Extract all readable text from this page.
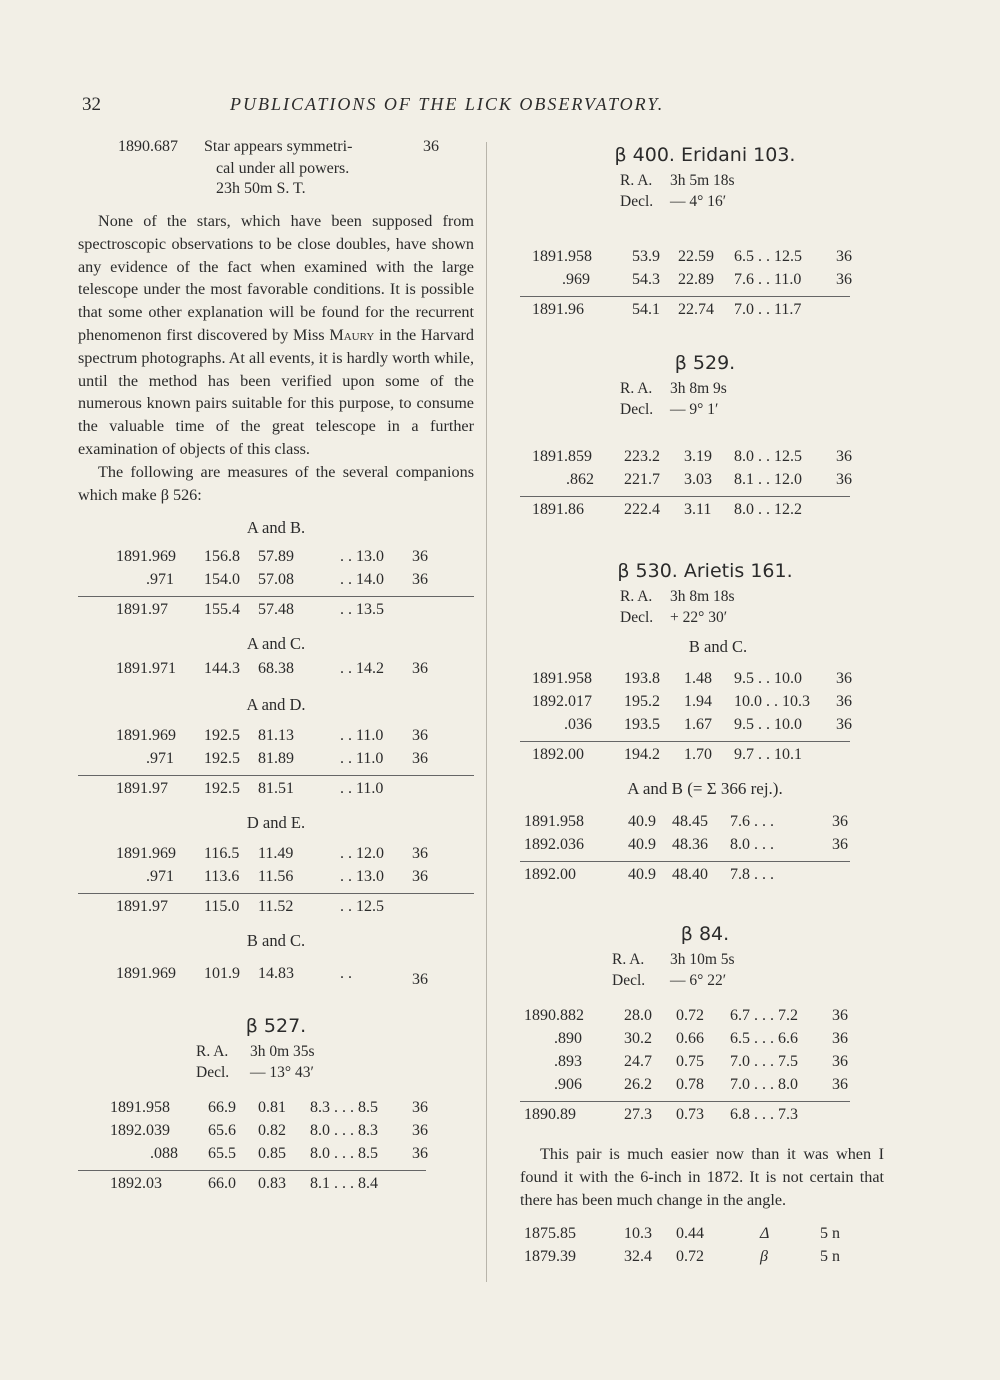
32	PUBLICATIONS OF THE LICK OBSERVATORY.
1890.687 Star appears symmetri-	36
cal under all powers.
23h 50m S. T.

None of the stars, which have been supposed from spectroscopic observations to be close doubles, have shown any evidence of the fact when examined with the large telescope under the most favorable conditions. It is possible that some other explanation will be found for the recurrent phenomenon first discovered by Miss Maury in the Harvard spectrum photographs. At all events, it is hardly worth while, until the method has been verified upon some of the numerous known pairs suitable for this purpose, to consume the valuable time of the great telescope in a further examination of objects of this class.

The following are measures of the several companions which make β 526:

A and B.
1891.969 156.8 57.89	. . 13.0 36
.971 154.0 57.08	. . 14.0 36
1891.97 155.4 57.48	. . 13.5
A and C.
1891.971 144.3 68.38	. . 14.2 36
A and D.
1891.969 192.5 81.13	. . 11.0 36
.971 192.5 81.89	. . 11.0 36
1891.97 192.5 81.51	. . 11.0
D and E.
1891.969 116.5 11.49	. . 12.0 36
.971 113.6 11.56	. . 13.0 36
1891.97 115.0 11.52	. . 12.5
B and C.
1891.969 101.9 14.83	. .	36
β 527.
R. A. 3h 0m 35s
Decl. — 13° 43′
1891.958 66.9 0.81 8.3 . . . 8.5 36
1892.039 65.6 0.82 8.0 . . . 8.3 36
.088 65.5 0.85 8.0 . . . 8.5 36
1892.03	66.0 0.83 8.1 . . . 8.4
β 400. Eridani 103.
R. A. 3h 5m 18s
Decl. — 4° 16′
1891.958	53.9 22.59 6.5 . . 12.5 36
.969	54.3 22.89 7.6 . . 11.0 36
1891.96	54.1 22.74 7.0 . . 11.7
β 529.
R. A. 3h 8m 9s
Decl. — 9° 1′
1891.859 223.2 3.19 8.0 . . 12.5 36
.862 221.7 3.03 8.1 . . 12.0 36
1891.86	222.4 3.11 8.0 . . 12.2
β 530. Arietis 161.
R. A. 3h 8m 18s
Decl. + 22° 30′
B and C.
1891.958 193.8 1.48 9.5 . . 10.0 36
1892.017 195.2 1.94 10.0 . . 10.3 36
.036 193.5 1.67 9.5 . . 10.0 36
1892.00	194.2 1.70 9.7 . . 10.1
A and B (= Σ 366 rej.).
1891.958	40.9 48.45 7.6 . . .	36
1892.036	40.9 48.36 8.0 . . .	36
1892.00	40.9 48.40 7.8 . . .
β 84.
R. A. 3h 10m 5s
Decl. — 6° 22′
1890.882	28.0 0.72 6.7 . . . 7.2 36
.890	30.2 0.66 6.5 . . . 6.6 36
.893	24.7 0.75 7.0 . . . 7.5 36
.906	26.2 0.78 7.0 . . . 8.0 36
1890.89	27.3 0.73 6.8 . . . 7.3

This pair is much easier now than it was when I found it with the 6-inch in 1872. It is not certain that there has been much change in the angle.

1875.85	10.3 0.44	Δ	5 n
1879.39	32.4 0.72	β	5 n
